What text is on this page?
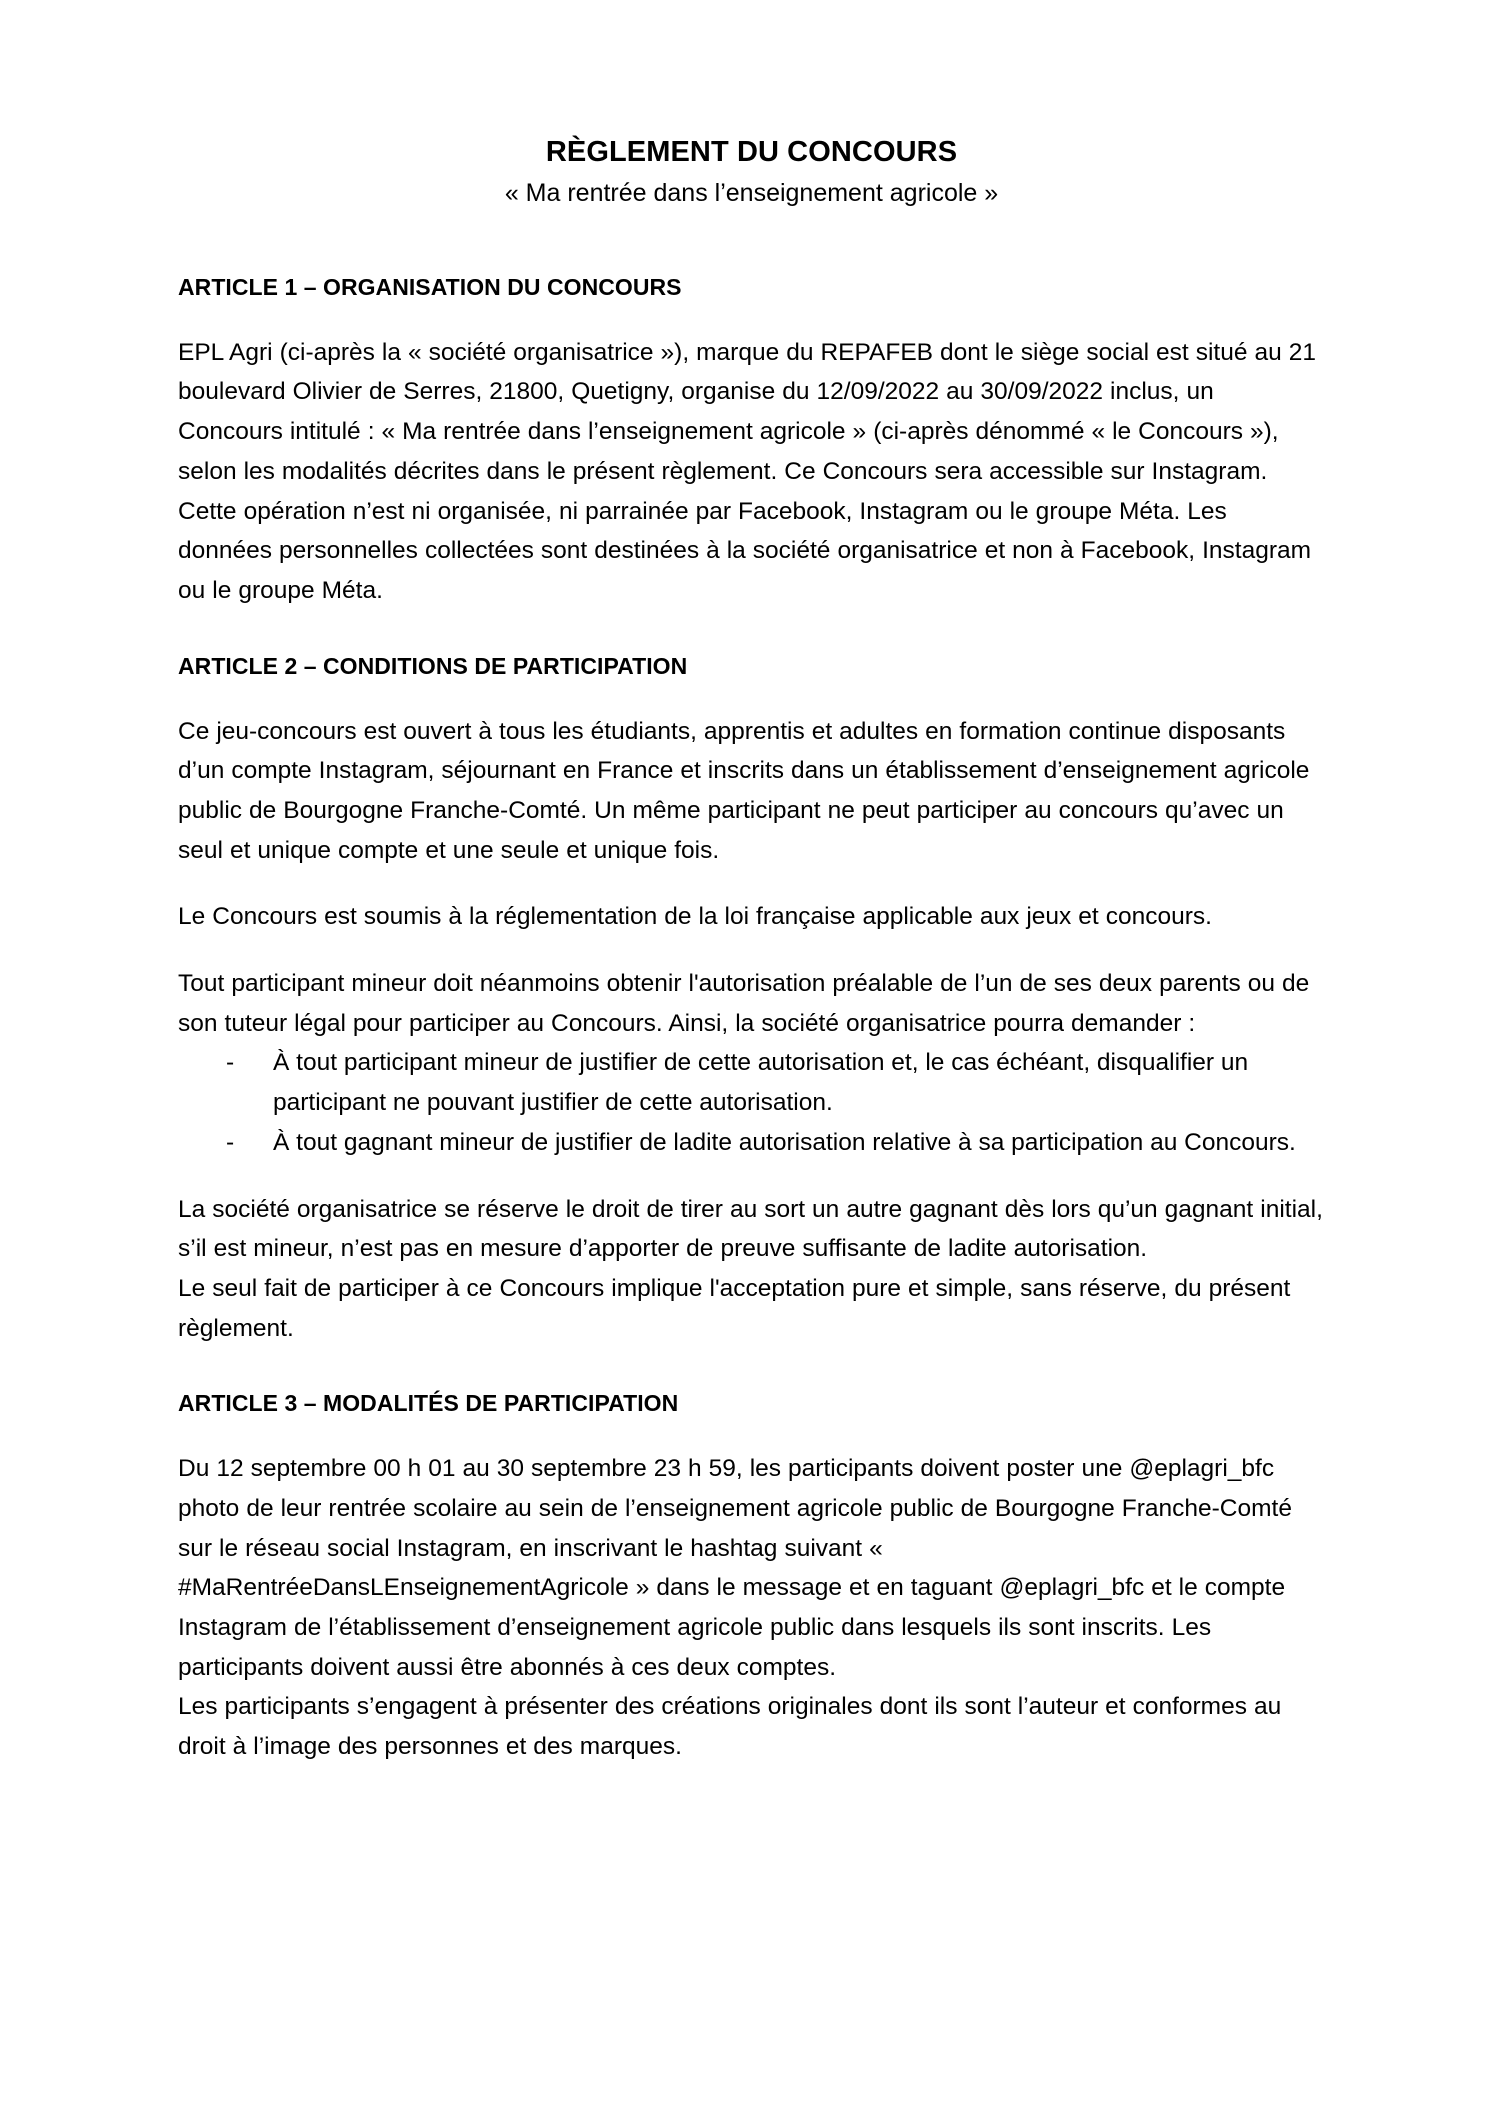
RÈGLEMENT DU CONCOURS
« Ma rentrée dans l’enseignement agricole »
ARTICLE 1 – ORGANISATION DU CONCOURS

EPL Agri (ci-après la « société organisatrice »), marque du REPAFEB dont le siège social est situé au 21 boulevard Olivier de Serres, 21800, Quetigny, organise du 12/09/2022 au 30/09/2022 inclus, un Concours intitulé : « Ma rentrée dans l’enseignement agricole » (ci-après dénommé « le Concours »), selon les modalités décrites dans le présent règlement. Ce Concours sera accessible sur Instagram. Cette opération n’est ni organisée, ni parrainée par Facebook, Instagram ou le groupe Méta. Les données personnelles collectées sont destinées à la société organisatrice et non à Facebook, Instagram ou le groupe Méta.

ARTICLE 2 – CONDITIONS DE PARTICIPATION

Ce jeu-concours est ouvert à tous les étudiants, apprentis et adultes en formation continue disposants d’un compte Instagram, séjournant en France et inscrits dans un établissement d’enseignement agricole public de Bourgogne Franche-Comté. Un même participant ne peut participer au concours qu’avec un seul et unique compte et une seule et unique fois.

Le Concours est soumis à la réglementation de la loi française applicable aux jeux et concours.

Tout participant mineur doit néanmoins obtenir l'autorisation préalable de l’un de ses deux parents ou de son tuteur légal pour participer au Concours. Ainsi, la société organisatrice pourra demander :

- À tout participant mineur de justifier de cette autorisation et, le cas échéant, disqualifier un participant ne pouvant justifier de cette autorisation.
- À tout gagnant mineur de justifier de ladite autorisation relative à sa participation au Concours.

La société organisatrice se réserve le droit de tirer au sort un autre gagnant dès lors qu’un gagnant initial, s’il est mineur, n’est pas en mesure d’apporter de preuve suffisante de ladite autorisation.

Le seul fait de participer à ce Concours implique l'acceptation pure et simple, sans réserve, du présent règlement.

ARTICLE 3 – MODALITÉS DE PARTICIPATION

Du 12 septembre 00 h 01 au 30 septembre 23 h 59, les participants doivent poster une @eplagri_bfc photo de leur rentrée scolaire au sein de l’enseignement agricole public de Bourgogne Franche-Comté sur le réseau social Instagram, en inscrivant le hashtag suivant « #MaRentréeDansLEnseignementAgricole » dans le message et en taguant @eplagri_bfc et le compte Instagram de l’établissement d’enseignement agricole public dans lesquels ils sont inscrits. Les participants doivent aussi être abonnés à ces deux comptes.

Les participants s’engagent à présenter des créations originales dont ils sont l’auteur et conformes au droit à l’image des personnes et des marques.
